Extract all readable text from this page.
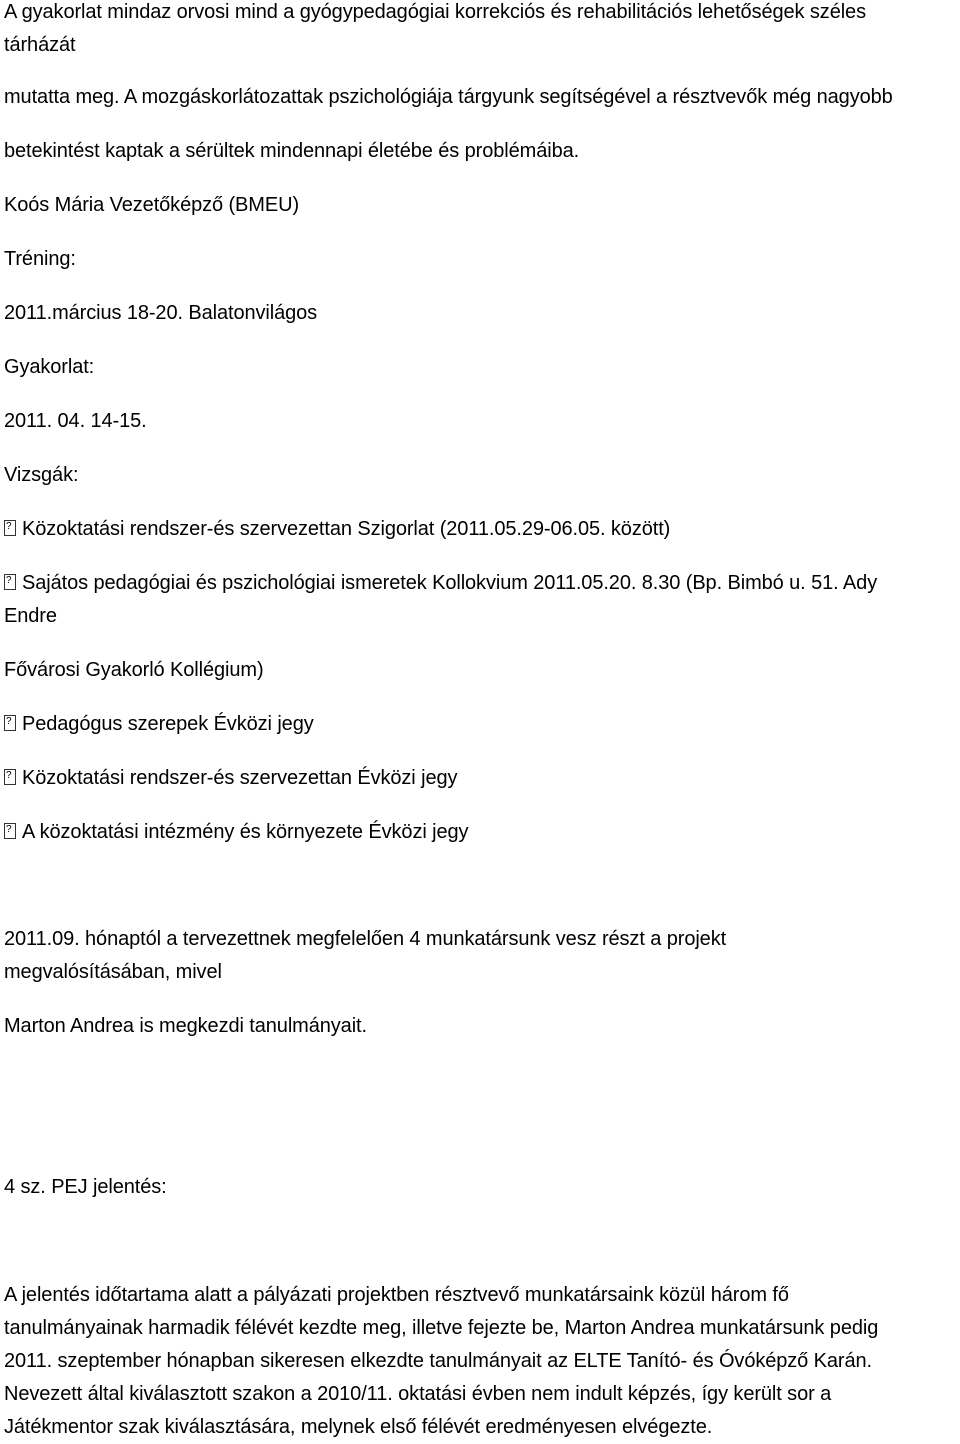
A gyakorlat mindaz orvosi mind a gyógypedagógiai korrekciós és rehabilitációs lehetőségek széles
tárházát
mutatta meg. A mozgáskorlátozattak pszichológiája tárgyunk segítségével a résztvevők még nagyobb
betekintést kaptak a sérültek mindennapi életébe és problémáiba.
Koós Mária Vezetőképző (BMEU)
Tréning:
2011.március 18-20. Balatonvilágos
Gyakorlat:
2011. 04. 14-15.
Vizsgák:
?Közoktatási rendszer-és szervezettan Szigorlat (2011.05.29-06.05. között)
?Sajátos pedagógiai és pszichológiai ismeretek Kollokvium 2011.05.20. 8.30 (Bp. Bimbó u. 51. Ady
Endre
Fővárosi Gyakorló Kollégium)
?Pedagógus szerepek Évközi jegy
?Közoktatási rendszer-és szervezettan Évközi jegy
?A közoktatási intézmény és környezete Évközi jegy
2011.09. hónaptól a tervezettnek megfelelően 4 munkatársunk vesz részt a projekt
megvalósításában, mivel
Marton Andrea is megkezdi tanulmányait.
4 sz. PEJ jelentés:
A jelentés időtartama alatt a pályázati projektben résztvevő munkatársaink közül három fő
tanulmányainak harmadik félévét kezdte meg, illetve fejezte be, Marton Andrea munkatársunk pedig
2011. szeptember hónapban sikeresen elkezdte tanulmányait az ELTE Tanító- és Óvóképző Karán.
Nevezett által kiválasztott szakon a 2010/11. oktatási évben nem indult képzés, így került sor a
Játékmentor szak kiválasztására, melynek első félévét eredményesen elvégezte.
